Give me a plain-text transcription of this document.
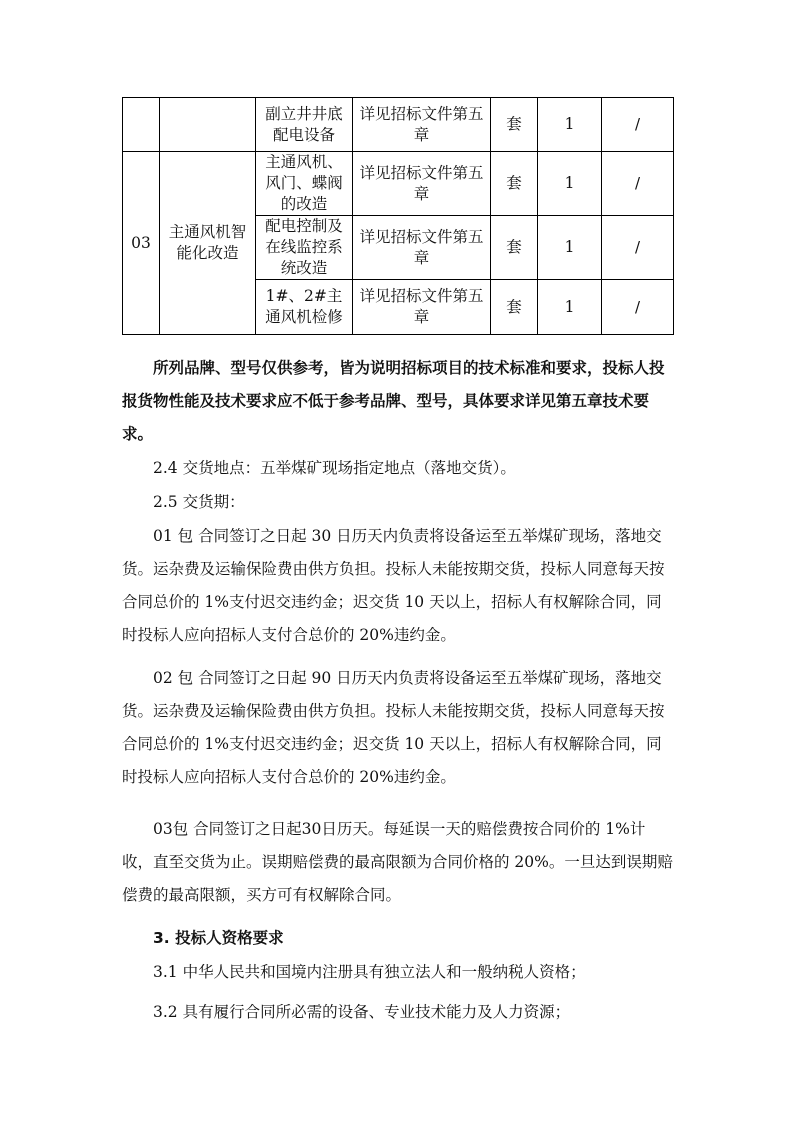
		副立井井底配电设备	详见招标文件第五章	套	1	/
03	主通风机智能化改造	主通风机、风门、蝶阀的改造	详见招标文件第五章	套	1	/
		配电控制及在线监控系统改造	详见招标文件第五章	套	1	/
		1#、2#主通风机检修	详见招标文件第五章	套	1	/

所列品牌、型号仅供参考，皆为说明招标项目的技术标准和要求，投标人投报货物性能及技术要求应不低于参考品牌、型号，具体要求详见第五章技术要求。

2.4 交货地点：五举煤矿现场指定地点（落地交货）。

2.5 交货期：

01 包 合同签订之日起 30 日历天内负责将设备运至五举煤矿现场，落地交货。运杂费及运输保险费由供方负担。投标人未能按期交货，投标人同意每天按合同总价的 1%支付迟交违约金；迟交货 10 天以上，招标人有权解除合同，同时投标人应向招标人支付合总价的 20%违约金。

02 包 合同签订之日起 90 日历天内负责将设备运至五举煤矿现场，落地交货。运杂费及运输保险费由供方负担。投标人未能按期交货，投标人同意每天按合同总价的 1%支付迟交违约金；迟交货 10 天以上，招标人有权解除合同，同时投标人应向招标人支付合总价的 20%违约金。

03包 合同签订之日起30日历天。每延误一天的赔偿费按合同价的 1%计收，直至交货为止。误期赔偿费的最高限额为合同价格的 20%。一旦达到误期赔偿费的最高限额，买方可有权解除合同。

3. 投标人资格要求

3.1 中华人民共和国境内注册具有独立法人和一般纳税人资格；

3.2 具有履行合同所必需的设备、专业技术能力及人力资源；
